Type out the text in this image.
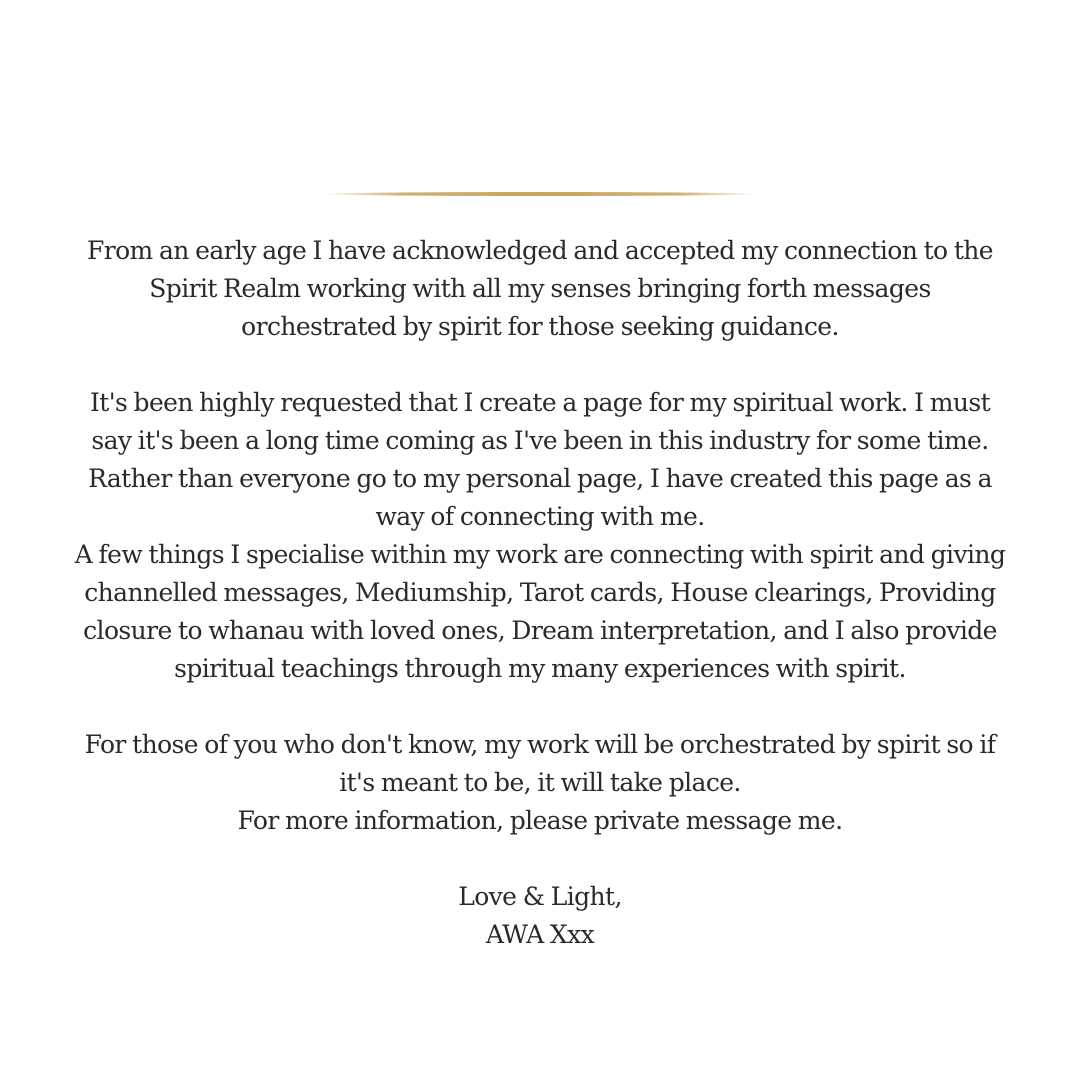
From an early age I have acknowledged and accepted my connection to the Spirit Realm working with all my senses bringing forth messages orchestrated by spirit for those seeking guidance.

It's been highly requested that I create a page for my spiritual work. I must say it's been a long time coming as I've been in this industry for some time. Rather than everyone go to my personal page, I have created this page as a way of connecting with me.

A few things I specialise within my work are connecting with spirit and giving channelled messages, Mediumship, Tarot cards, House clearings, Providing closure to whanau with loved ones, Dream interpretation, and I also provide spiritual teachings through my many experiences with spirit.

For those of you who don't know, my work will be orchestrated by spirit so if it's meant to be, it will take place.

For more information, please private message me.

Love & Light,

AWA Xxx
